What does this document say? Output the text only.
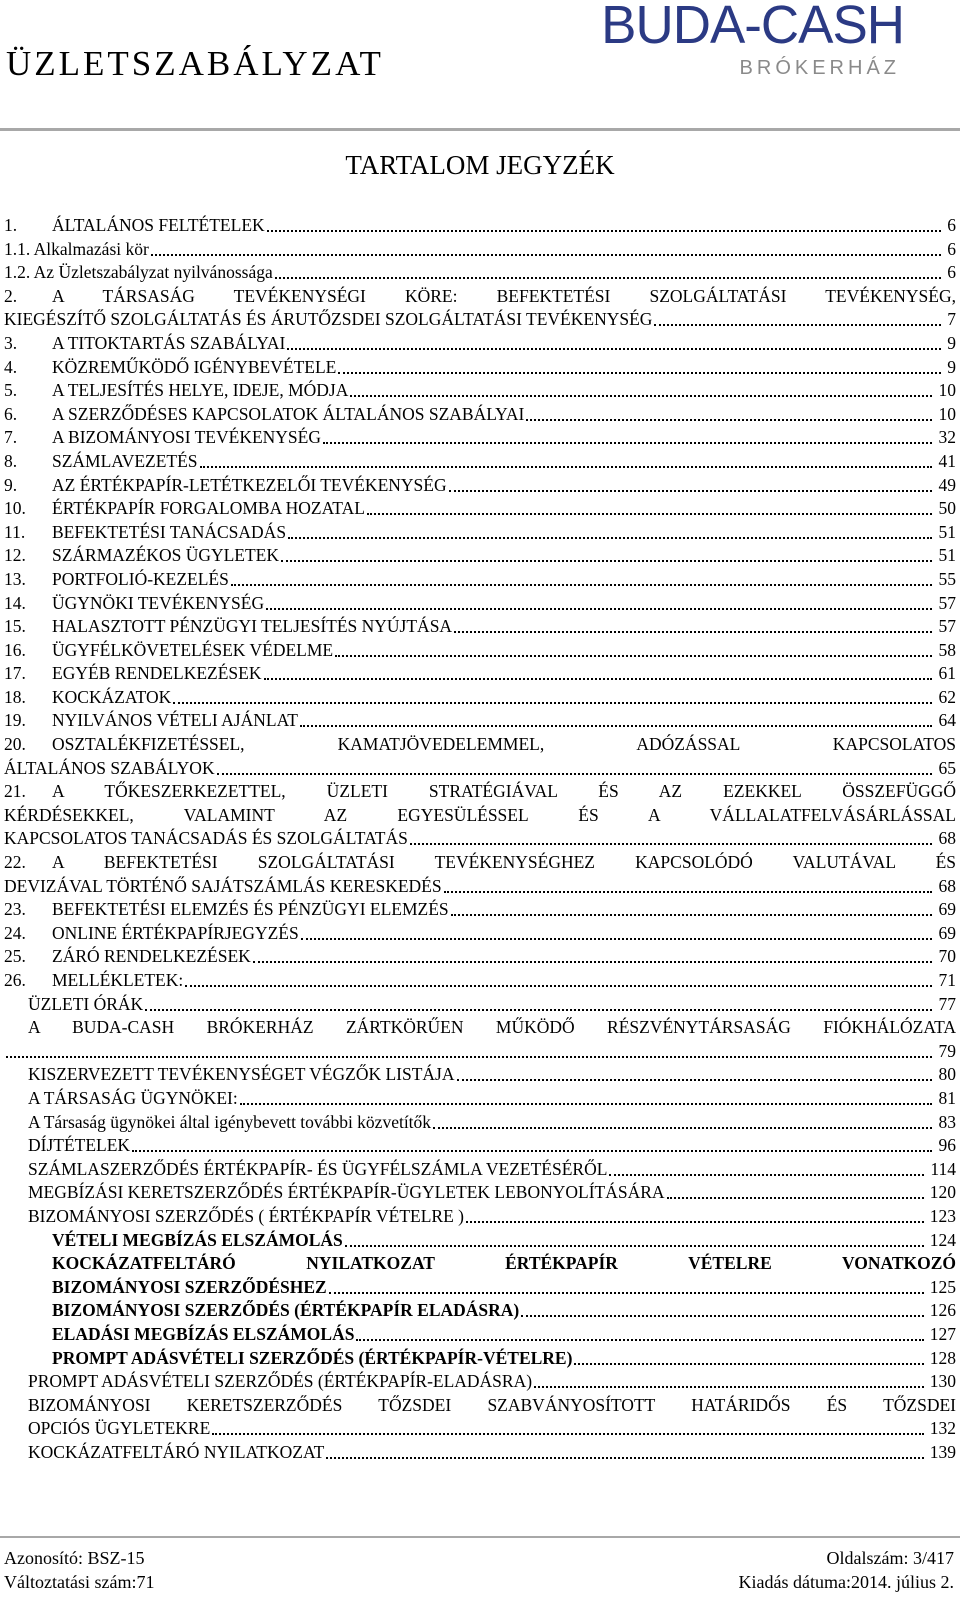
ÜZLETSZABÁLYZAT
BUDA-CASH
BRÓKERHÁZ
TARTALOM JEGYZÉK
1. ÁLTALÁNOS FELTÉTELEK	6
1.1. Alkalmazási kör	6
1.2. Az Üzletszabályzat nyilvánossága	6
2. A TÁRSASÁG TEVÉKENYSÉGI KÖRE: BEFEKTETÉSI SZOLGÁLTATÁSI TEVÉKENYSÉG,
KIEGÉSZÍTŐ SZOLGÁLTATÁS ÉS ÁRUTŐZSDEI SZOLGÁLTATÁSI TEVÉKENYSÉG	7
3. A TITOKTARTÁS SZABÁLYAI	9
4. KÖZREMŰKÖDŐ IGÉNYBEVÉTELE	9
5. A TELJESÍTÉS HELYE, IDEJE, MÓDJA	10
6. A SZERZŐDÉSES KAPCSOLATOK ÁLTALÁNOS SZABÁLYAI	10
7. A BIZOMÁNYOSI TEVÉKENYSÉG	32
8. SZÁMLAVEZETÉS	41
9. AZ ÉRTÉKPAPÍR-LETÉTKEZELŐI TEVÉKENYSÉG	49
10. ÉRTÉKPAPÍR FORGALOMBA HOZATAL	50
11. BEFEKTETÉSI TANÁCSADÁS	51
12. SZÁRMAZÉKOS ÜGYLETEK	51
13. PORTFOLIÓ-KEZELÉS	55
14. ÜGYNÖKI TEVÉKENYSÉG	57
15. HALASZTOTT PÉNZÜGYI TELJESÍTÉS NYÚJTÁSA	57
16. ÜGYFÉLKÖVETELÉSEK VÉDELME	58
17. EGYÉB RENDELKEZÉSEK	61
18. KOCKÁZATOK	62
19. NYILVÁNOS VÉTELI AJÁNLAT	64
20. OSZTALÉKFIZETÉSSEL, KAMATJÖVEDELEMMEL, ADÓZÁSSAL KAPCSOLATOS
ÁLTALÁNOS SZABÁLYOK	65
21. A TŐKESZERKEZETTEL, ÜZLETI STRATÉGIÁVAL ÉS AZ EZEKKEL ÖSSZEFÜGGŐ
KÉRDÉSEKKEL, VALAMINT AZ EGYESÜLÉSSEL ÉS A VÁLLALATFELVÁSÁRLÁSSAL
KAPCSOLATOS TANÁCSADÁS ÉS SZOLGÁLTATÁS	68
22. A BEFEKTETÉSI SZOLGÁLTATÁSI TEVÉKENYSÉGHEZ KAPCSOLÓDÓ VALUTÁVAL ÉS
DEVIZÁVAL TÖRTÉNŐ SAJÁTSZÁMLÁS KERESKEDÉS	68
23. BEFEKTETÉSI ELEMZÉS ÉS PÉNZÜGYI ELEMZÉS	69
24. ONLINE ÉRTÉKPAPÍRJEGYZÉS	69
25. ZÁRÓ RENDELKEZÉSEK	70
26. MELLÉKLETEK:	71
ÜZLETI ÓRÁK	77
A BUDA-CASH BRÓKERHÁZ ZÁRTKÖRŰEN MŰKÖDŐ RÉSZVÉNYTÁRSASÁG FIÓKHÁLÓZATA
79
KISZERVEZETT TEVÉKENYSÉGET VÉGZŐK LISTÁJA	80
A TÁRSASÁG ÜGYNÖKEI:	81
A Társaság ügynökei által igénybevett további közvetítők	83
DÍJTÉTELEK	96
SZÁMLASZERZŐDÉS ÉRTÉKPAPÍR- ÉS ÜGYFÉLSZÁMLA VEZETÉSÉRŐL	114
MEGBÍZÁSI KERETSZERZŐDÉS ÉRTÉKPAPÍR-ÜGYLETEK LEBONYOLÍTÁSÁRA	120
BIZOMÁNYOSI SZERZŐDÉS ( ÉRTÉKPAPÍR VÉTELRE )	123
VÉTELI MEGBÍZÁS ELSZÁMOLÁS	124
KOCKÁZATFELTÁRÓ NYILATKOZAT ÉRTÉKPAPÍR VÉTELRE VONATKOZÓ
BIZOMÁNYOSI SZERZŐDÉSHEZ	125
BIZOMÁNYOSI SZERZŐDÉS (ÉRTÉKPAPÍR ELADÁSRA)	126
ELADÁSI MEGBÍZÁS ELSZÁMOLÁS	127
PROMPT ADÁSVÉTELI SZERZŐDÉS (ÉRTÉKPAPÍR-VÉTELRE)	128
PROMPT ADÁSVÉTELI SZERZŐDÉS (ÉRTÉKPAPÍR-ELADÁSRA)	130
BIZOMÁNYOSI KERETSZERZŐDÉS TŐZSDEI SZABVÁNYOSÍTOTT HATÁRIDŐS ÉS TŐZSDEI
OPCIÓS ÜGYLETEKRE	132
KOCKÁZATFELTÁRÓ NYILATKOZAT	139
Azonosító: BSZ-15
Változtatási szám:71
Oldalszám: 3/417
Kiadás dátuma:2014. július 2.
